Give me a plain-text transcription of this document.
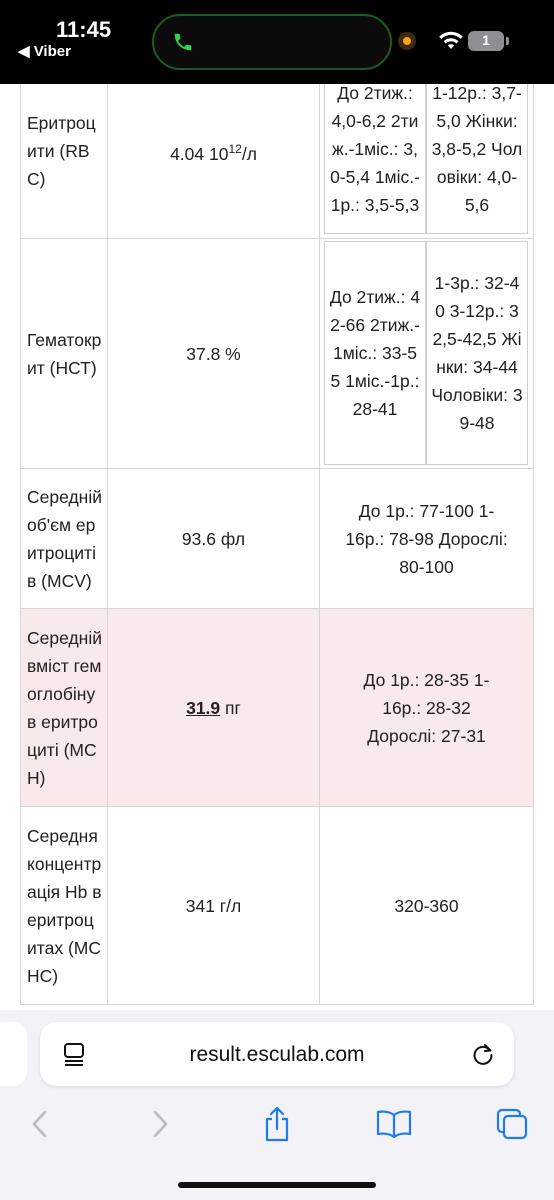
11:45
◀ Viber
1
Еритроцити (RBC)
4.04 $10^{12}/л$
До 2тиж.: 4,0-6,2 2тиж.-1міс.: 3,0-5,4 1міс.-1р.: 3,5-5,3
1-12р.: 3,7-5,0 Жінки: 3,8-5,2 Чоловіки: 4,0-5,6
Гематокрит (НСТ)
37.8 %
До 2тиж.: 42-66 2тиж.-1міс.: 33-55 1міс.-1р.: 28-41
1-3р.: 32-40 3-12р.: 32,5-42,5 Жінки: 34-44 Чоловіки: 39-48
Середній об'єм еритроцитів (MCV)
93.6 фл
До 1р.: 77-100 1-16р.: 78-98 Дорослі: 80-100
Середній вміст гемоглобіну в еритроциті (МСН)
31.9 пг
До 1р.: 28-35 1-16р.: 28-32 Дорослі: 27-31
Середня концентрація Hb в еритроцитах (МСНС)
341 г/л	320-360
result.esculab.com
